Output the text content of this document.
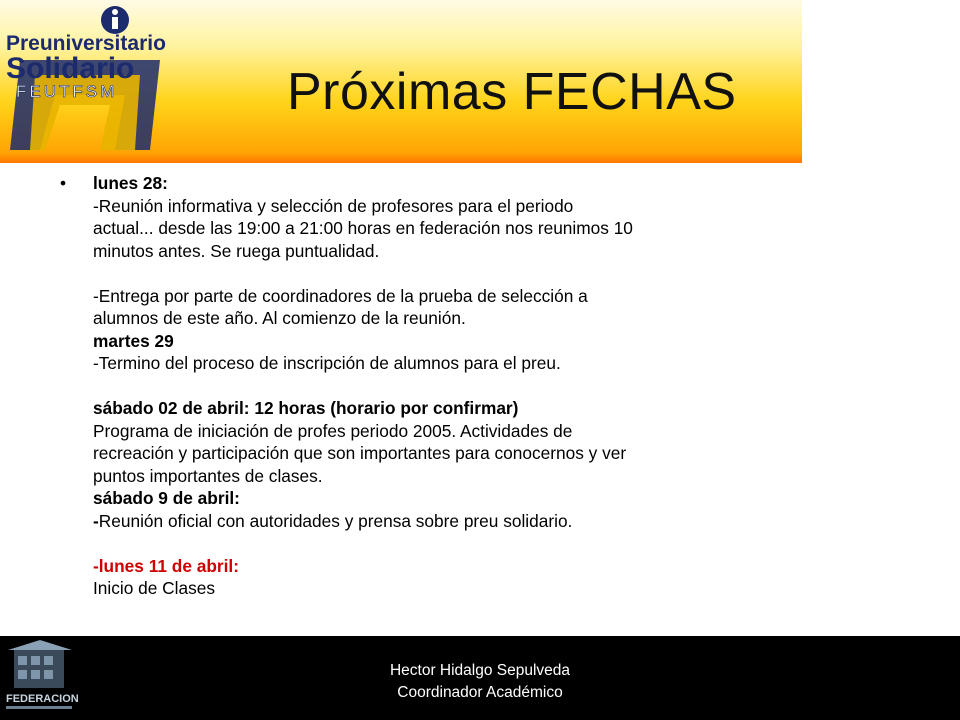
Preuniversitario
Solidario
FEUTFSM	Próximas FECHAS
• lunes 28:
-Reunión informativa y selección de profesores para el periodo
actual... desde las 19:00 a 21:00 horas en federación nos reunimos 10
minutos antes. Se ruega puntualidad.
-Entrega por parte de coordinadores de la prueba de selección a
alumnos de este año. Al comienzo de la reunión.
martes 29
-Termino del proceso de inscripción de alumnos para el preu.
sábado 02 de abril: 12 horas (horario por confirmar)
Programa de iniciación de profes periodo 2005. Actividades de
recreación y participación que son importantes para conocernos y ver
puntos importantes de clases.
sábado 9 de abril:
-Reunión oficial con autoridades y prensa sobre preu solidario.
-lunes 11 de abril:
Inicio de Clases
FEDERACION
Hector Hidalgo Sepulveda
Coordinador Académico
